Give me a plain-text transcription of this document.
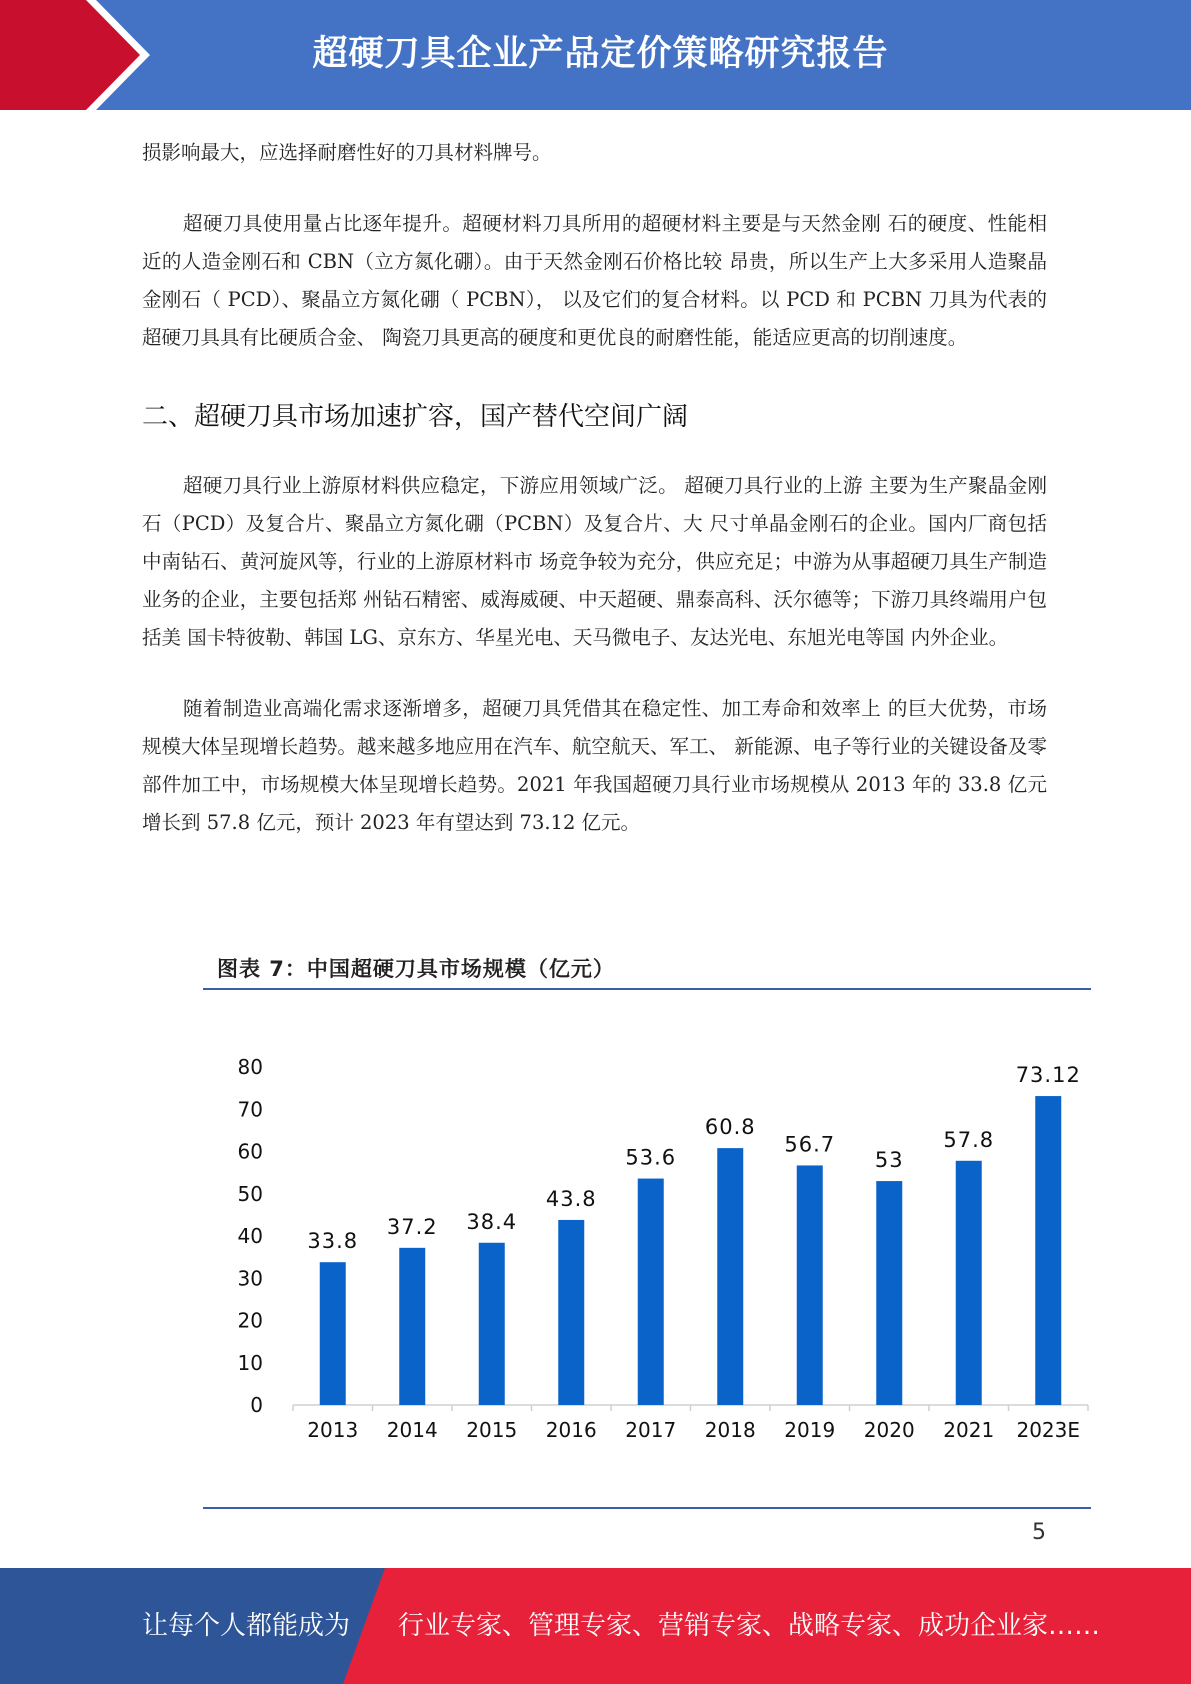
超硬刀具企业产品定价策略研究报告

损影响最大，应选择耐磨性好的刀具材料牌号。

超硬刀具使用量占比逐年提升。超硬材料刀具所用的超硬材料主要是与天然金刚 石的硬度、性能相近的人造金刚石和 CBN（立方氮化硼）。由于天然金刚石价格比较 昂贵，所以生产上大多采用人造聚晶金刚石（ PCD）、聚晶立方氮化硼（ PCBN）， 以及它们的复合材料。以 PCD 和 PCBN 刀具为代表的超硬刀具具有比硬质合金、 陶瓷刀具更高的硬度和更优良的耐磨性能，能适应更高的切削速度。

二、超硬刀具市场加速扩容，国产替代空间广阔

超硬刀具行业上游原材料供应稳定，下游应用领域广泛。 超硬刀具行业的上游 主要为生产聚晶金刚石（PCD）及复合片、聚晶立方氮化硼（PCBN）及复合片、大 尺寸单晶金刚石的企业。国内厂商包括中南钻石、黄河旋风等，行业的上游原材料市 场竞争较为充分，供应充足；中游为从事超硬刀具生产制造业务的企业，主要包括郑 州钻石精密、威海威硬、中天超硬、鼎泰高科、沃尔德等；下游刀具终端用户包括美 国卡特彼勒、韩国 LG、京东方、华星光电、天马微电子、友达光电、东旭光电等国 内外企业。

随着制造业高端化需求逐渐增多，超硬刀具凭借其在稳定性、加工寿命和效率上 的巨大优势，市场规模大体呈现增长趋势。越来越多地应用在汽车、航空航天、军工、 新能源、电子等行业的关键设备及零部件加工中，市场规模大体呈现增长趋势。2021 年我国超硬刀具行业市场规模从 2013 年的 33.8 亿元增长到 57.8 亿元，预计 2023 年有望达到 73.12 亿元。

图表 7：中国超硬刀具市场规模（亿元）
0
10
20
30
40
50
60
70
80
33.8
2013
37.2
2014
38.4
2015
43.8
2016
53.6
2017
60.8
2018
56.7
2019
53
2020
57.8
2021
73.12
2023E
5
让每个人都能成为 行业专家、管理专家、营销专家、战略专家、成功企业家……
